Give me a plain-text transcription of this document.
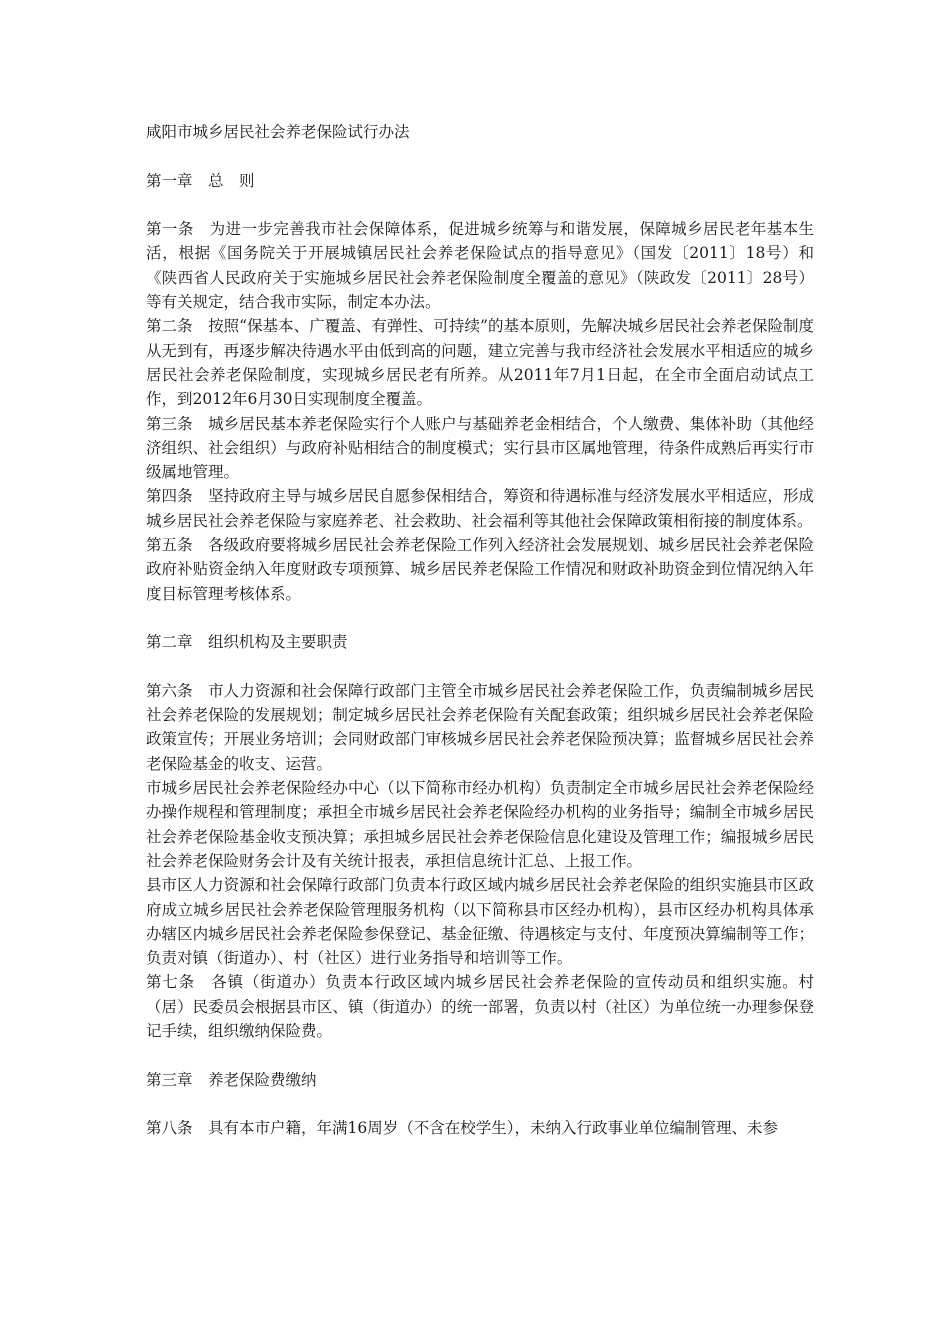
咸阳市城乡居民社会养老保险试行办法

第一章　总　则

第一条　为进一步完善我市社会保障体系，促进城乡统筹与和谐发展，保障城乡居民老年基本生活，根据《国务院关于开展城镇居民社会养老保险试点的指导意见》（国发〔2011〕18号）和《陕西省人民政府关于实施城乡居民社会养老保险制度全覆盖的意见》（陕政发〔2011〕28号）等有关规定，结合我市实际，制定本办法。

第二条　按照“保基本、广覆盖、有弹性、可持续”的基本原则，先解决城乡居民社会养老保险制度从无到有，再逐步解决待遇水平由低到高的问题，建立完善与我市经济社会发展水平相适应的城乡居民社会养老保险制度，实现城乡居民老有所养。从2011年7月1日起，在全市全面启动试点工作，到2012年6月30日实现制度全覆盖。

第三条　城乡居民基本养老保险实行个人账户与基础养老金相结合，个人缴费、集体补助（其他经济组织、社会组织）与政府补贴相结合的制度模式；实行县市区属地管理，待条件成熟后再实行市级属地管理。

第四条　坚持政府主导与城乡居民自愿参保相结合，筹资和待遇标准与经济发展水平相适应，形成城乡居民社会养老保险与家庭养老、社会救助、社会福利等其他社会保障政策相衔接的制度体系。

第五条　各级政府要将城乡居民社会养老保险工作列入经济社会发展规划、城乡居民社会养老保险政府补贴资金纳入年度财政专项预算、城乡居民养老保险工作情况和财政补助资金到位情况纳入年度目标管理考核体系。

第二章　组织机构及主要职责

第六条　市人力资源和社会保障行政部门主管全市城乡居民社会养老保险工作，负责编制城乡居民社会养老保险的发展规划；制定城乡居民社会养老保险有关配套政策；组织城乡居民社会养老保险政策宣传；开展业务培训；会同财政部门审核城乡居民社会养老保险预决算；监督城乡居民社会养老保险基金的收支、运营。

市城乡居民社会养老保险经办中心（以下简称市经办机构）负责制定全市城乡居民社会养老保险经办操作规程和管理制度；承担全市城乡居民社会养老保险经办机构的业务指导；编制全市城乡居民社会养老保险基金收支预决算；承担城乡居民社会养老保险信息化建设及管理工作；编报城乡居民社会养老保险财务会计及有关统计报表，承担信息统计汇总、上报工作。

县市区人力资源和社会保障行政部门负责本行政区域内城乡居民社会养老保险的组织实施县市区政府成立城乡居民社会养老保险管理服务机构（以下简称县市区经办机构），县市区经办机构具体承办辖区内城乡居民社会养老保险参保登记、基金征缴、待遇核定与支付、年度预决算编制等工作；负责对镇（街道办）、村（社区）进行业务指导和培训等工作。

第七条　各镇（街道办）负责本行政区域内城乡居民社会养老保险的宣传动员和组织实施。村（居）民委员会根据县市区、镇（街道办）的统一部署，负责以村（社区）为单位统一办理参保登记手续，组织缴纳保险费。

第三章　养老保险费缴纳

第八条　具有本市户籍，年满16周岁（不含在校学生），未纳入行政事业单位编制管理、未参
